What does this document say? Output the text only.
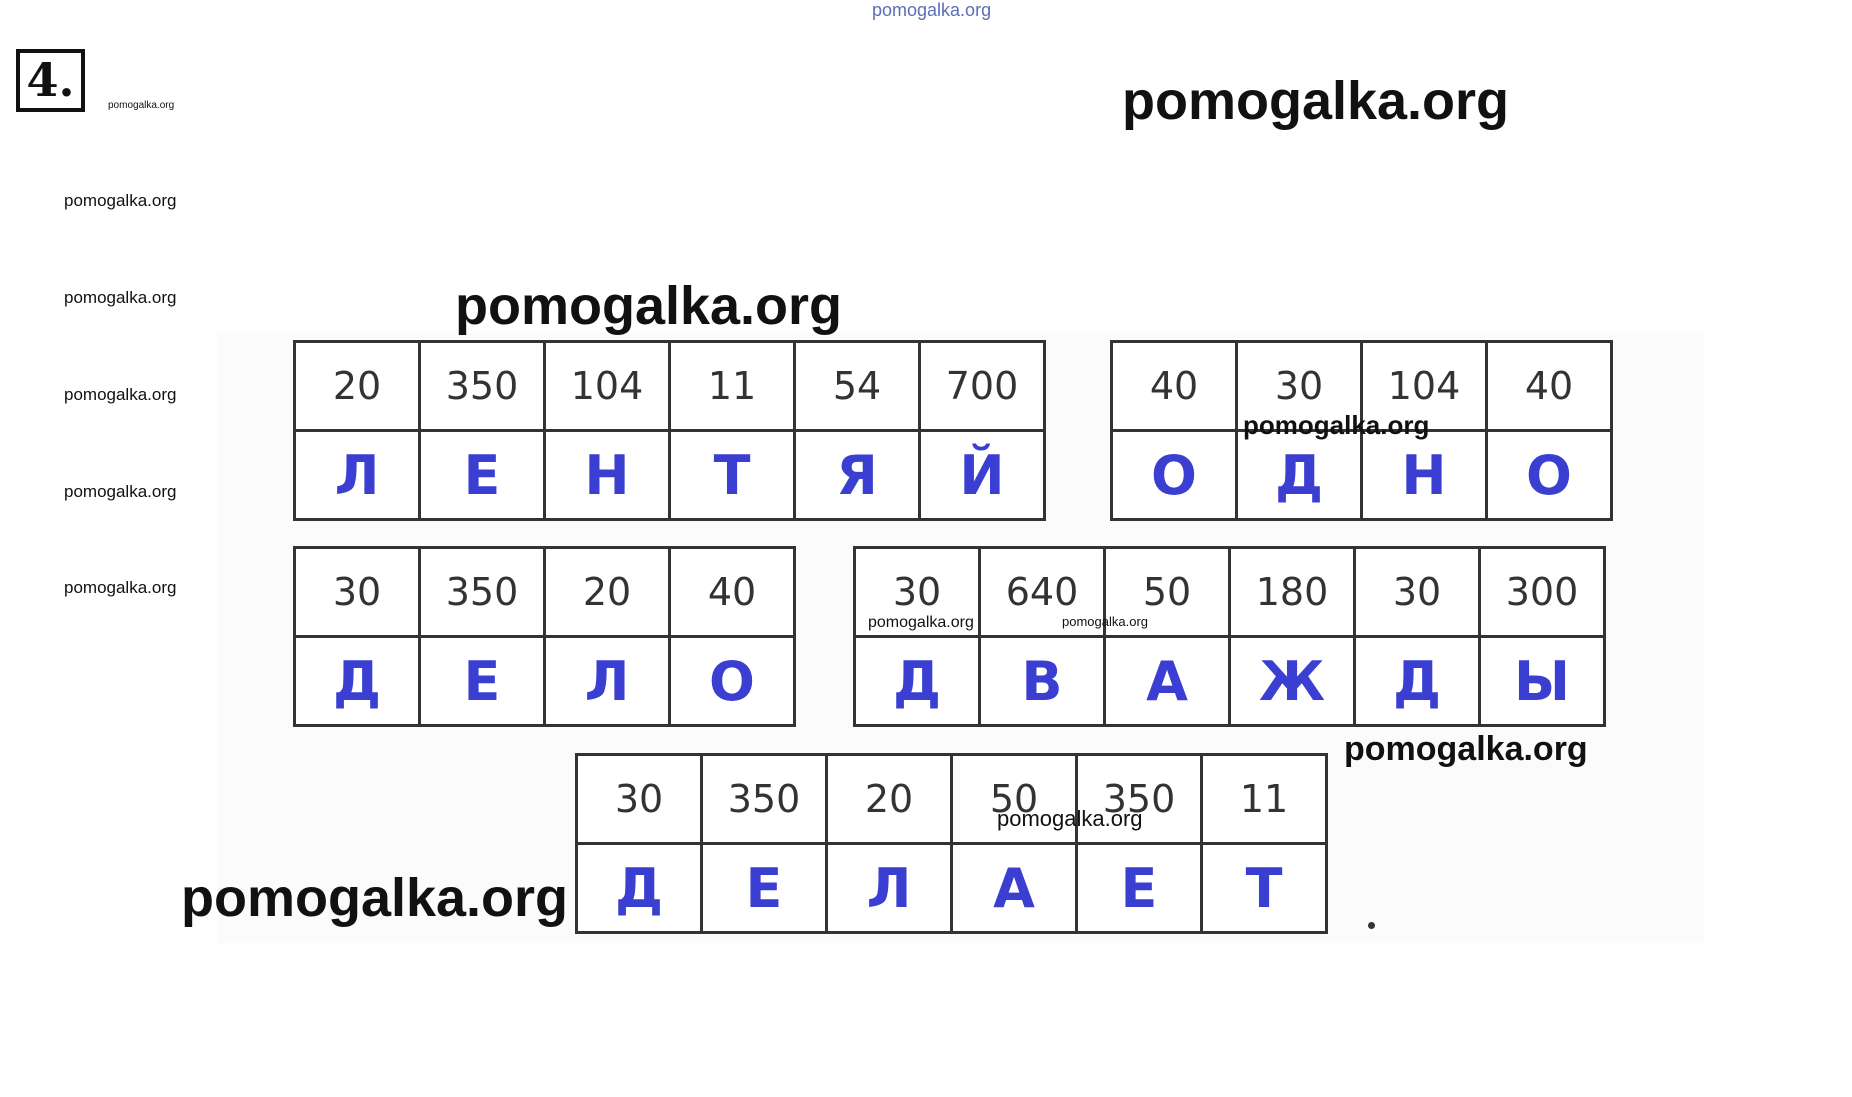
4.
pomogalka.org
pomogalka.org
pomogalka.org
pomogalka.org
pomogalka.org
pomogalka.org
pomogalka.org
pomogalka.org
pomogalka.org
20	350	104	11	54	700
Л	Е	Н	Т	Я	Й
40	30	104	40
О	Д	Н	О
30	350	20	40
Д	Е	Л	О
30	640	50	180	30	300
Д	В	А	Ж	Д	Ы
30	350	20	50	350	11
Д	Е	Л	А	Е	Т
pomogalka.org
pomogalka.org	pomogalka.org
pomogalka.org
pomogalka.org
pomogalka.org
